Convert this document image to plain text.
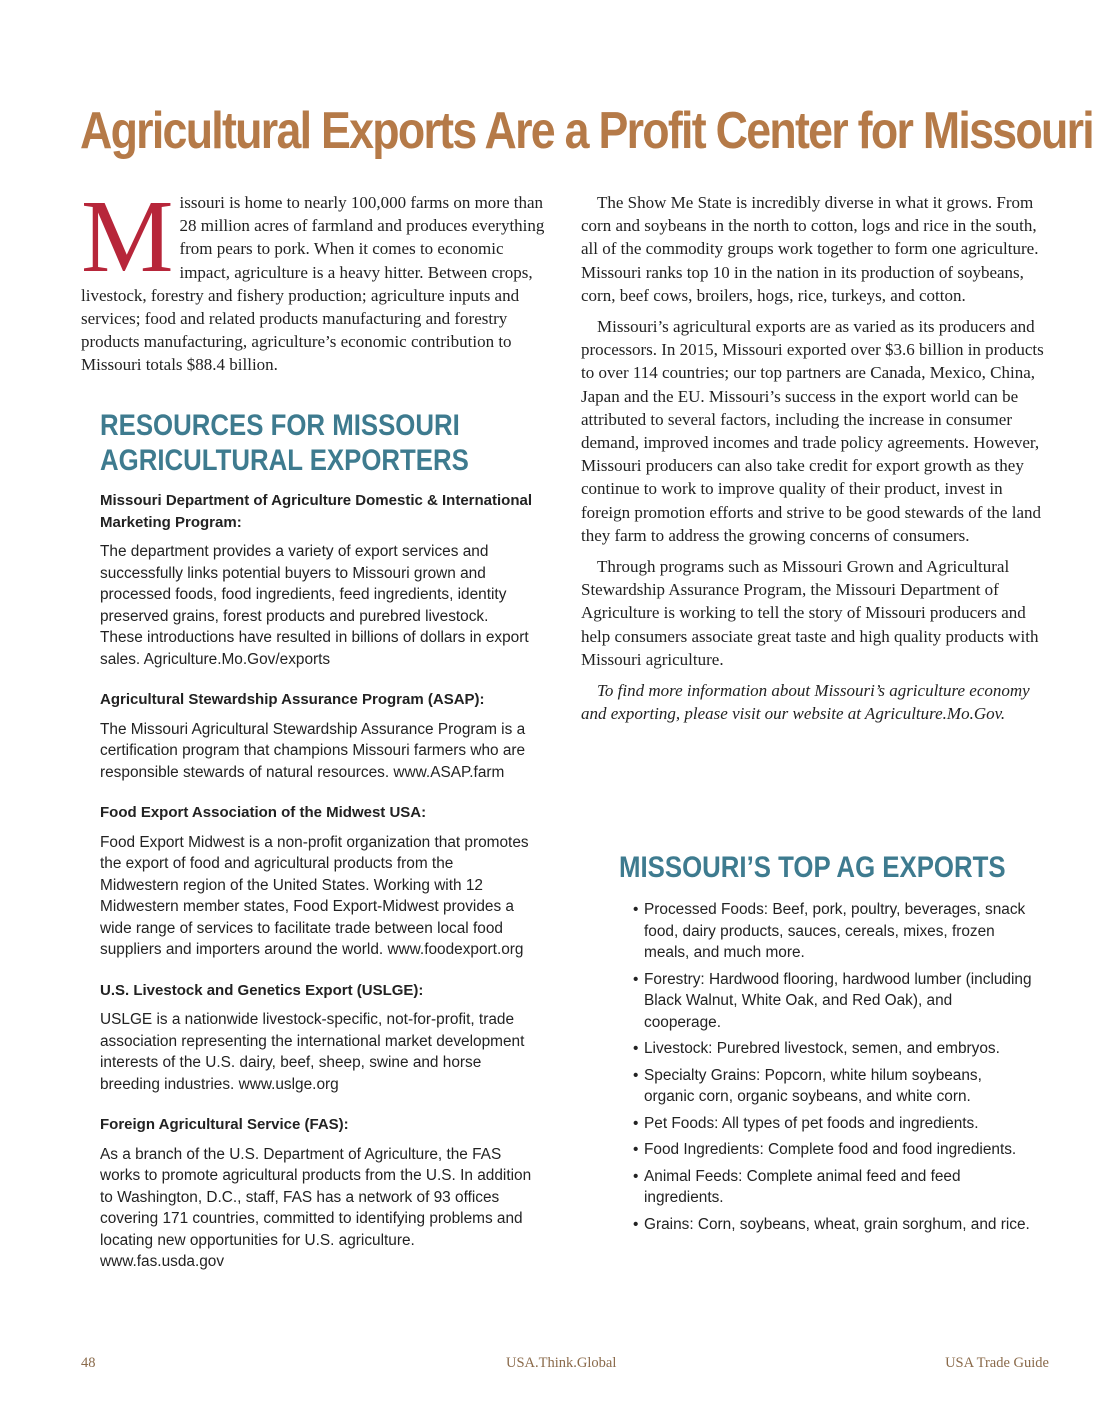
Agricultural Exports Are a Profit Center for Missouri
Missouri is home to nearly 100,000 farms on more than 28 million acres of farmland and produces everything from pears to pork. When it comes to economic impact, agriculture is a heavy hitter. Between crops, livestock, forestry and fishery production; agriculture inputs and services; food and related products manufacturing and forestry products manufacturing, agriculture’s economic contribution to Missouri totals $88.4 billion.
RESOURCES FOR MISSOURI AGRICULTURAL EXPORTERS

Missouri Department of Agriculture Domestic & International Marketing Program:

The department provides a variety of export services and successfully links potential buyers to Missouri grown and processed foods, food ingredients, feed ingredients, identity preserved grains, forest products and purebred livestock. These introductions have resulted in billions of dollars in export sales. Agriculture.Mo.Gov/exports

Agricultural Stewardship Assurance Program (ASAP):

The Missouri Agricultural Stewardship Assurance Program is a certification program that champions Missouri farmers who are responsible stewards of natural resources. www.ASAP.farm

Food Export Association of the Midwest USA:

Food Export Midwest is a non-profit organization that promotes the export of food and agricultural products from the Midwestern region of the United States. Working with 12 Midwestern member states, Food Export-Midwest provides a wide range of services to facilitate trade between local food suppliers and importers around the world. www.foodexport.org

U.S. Livestock and Genetics Export (USLGE):

USLGE is a nationwide livestock-specific, not-for-profit, trade association representing the international market development interests of the U.S. dairy, beef, sheep, swine and horse breeding industries. www.uslge.org

Foreign Agricultural Service (FAS):

As a branch of the U.S. Department of Agriculture, the FAS works to promote agricultural products from the U.S. In addition to Washington, D.C., staff, FAS has a network of 93 offices covering 171 countries, committed to identifying problems and locating new opportunities for U.S. agriculture. www.fas.usda.gov

The Show Me State is incredibly diverse in what it grows. From corn and soybeans in the north to cotton, logs and rice in the south, all of the commodity groups work together to form one agriculture. Missouri ranks top 10 in the nation in its production of soybeans, corn, beef cows, broilers, hogs, rice, turkeys, and cotton.

Missouri’s agricultural exports are as varied as its producers and processors. In 2015, Missouri exported over $3.6 billion in products to over 114 countries; our top partners are Canada, Mexico, China, Japan and the EU. Missouri’s success in the export world can be attributed to several factors, including the increase in consumer demand, improved incomes and trade policy agreements. However, Missouri producers can also take credit for export growth as they continue to work to improve quality of their product, invest in foreign promotion efforts and strive to be good stewards of the land they farm to address the growing concerns of consumers.

Through programs such as Missouri Grown and Agricultural Stewardship Assurance Program, the Missouri Department of Agriculture is working to tell the story of Missouri producers and help consumers associate great taste and high quality products with Missouri agriculture.

To find more information about Missouri’s agriculture economy and exporting, please visit our website at Agriculture.Mo.Gov.

MISSOURI’S TOP AG EXPORTS
• Processed Foods: Beef, pork, poultry, beverages, snack food, dairy products, sauces, cereals, mixes, frozen meals, and much more.
• Forestry: Hardwood flooring, hardwood lumber (including Black Walnut, White Oak, and Red Oak), and cooperage.
• Livestock: Purebred livestock, semen, and embryos.
• Specialty Grains: Popcorn, white hilum soybeans, organic corn, organic soybeans, and white corn.
• Pet Foods: All types of pet foods and ingredients.
• Food Ingredients: Complete food and food ingredients.
• Animal Feeds: Complete animal feed and feed ingredients.
• Grains: Corn, soybeans, wheat, grain sorghum, and rice.
48	USA.Think.Global	USA Trade Guide
